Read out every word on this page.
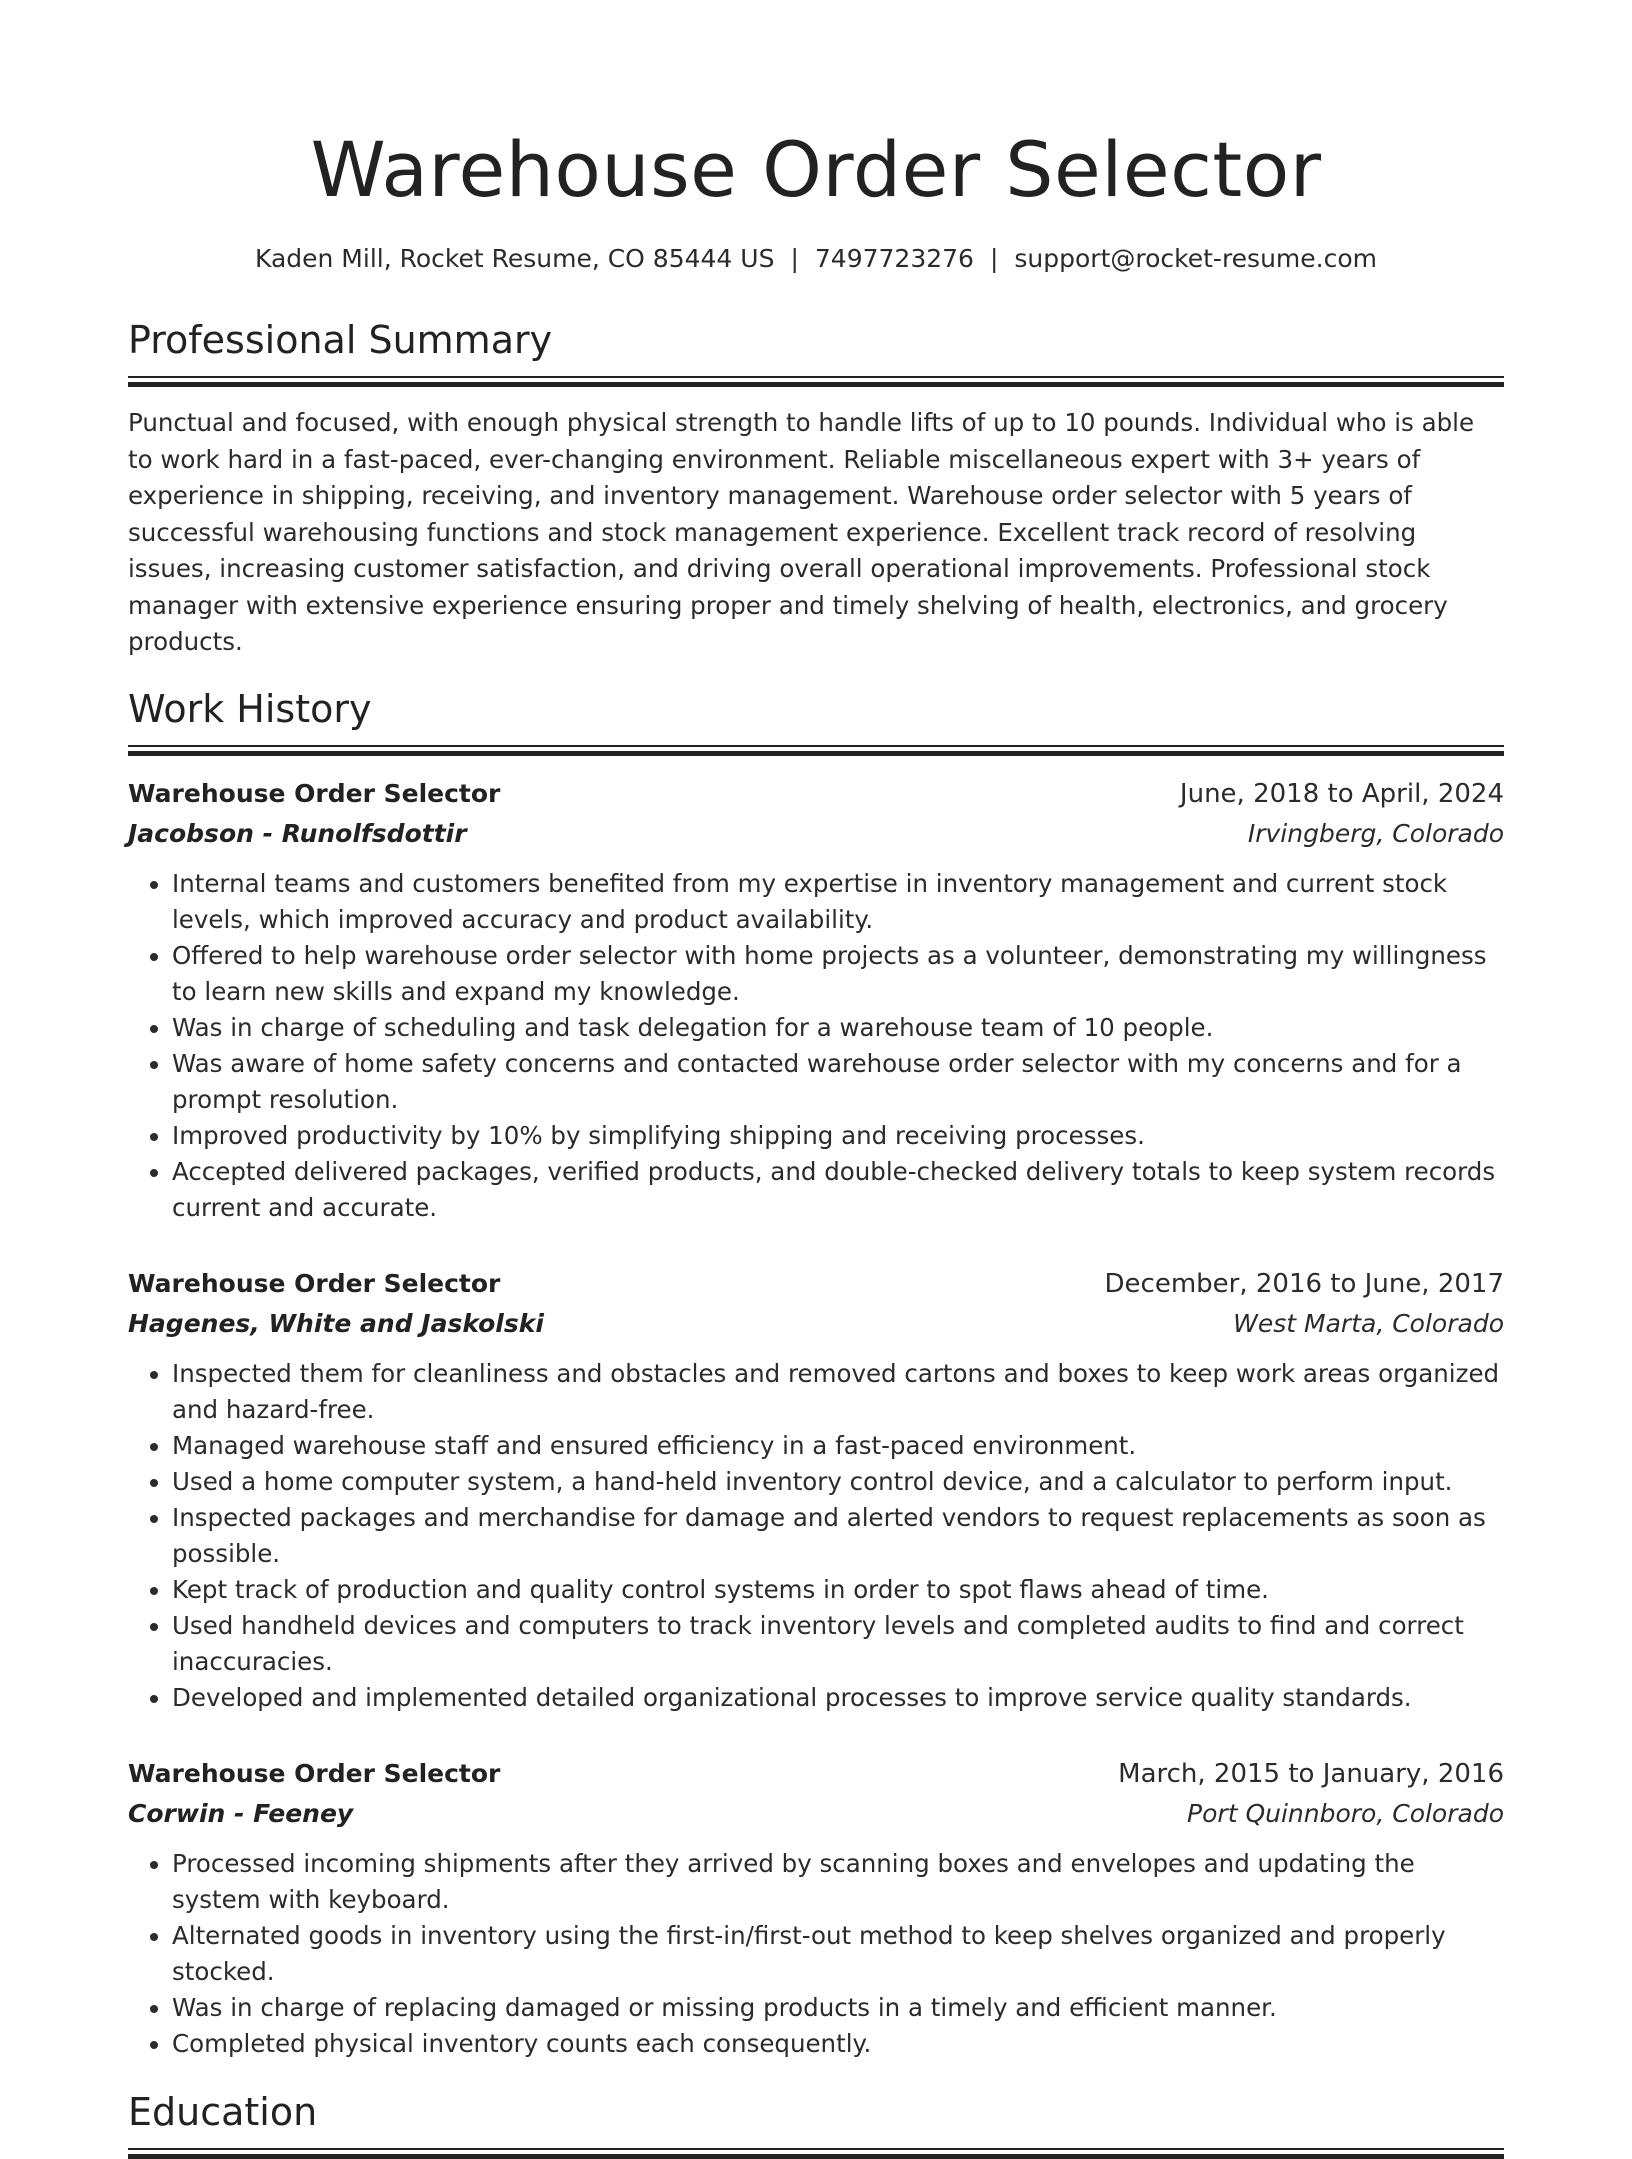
Warehouse Order Selector
Kaden Mill, Rocket Resume, CO 85444 US | 7497723276 | support@rocket-resume.com
Professional Summary

Punctual and focused, with enough physical strength to handle lifts of up to 10 pounds. Individual who is able to work hard in a fast-paced, ever-changing environment. Reliable miscellaneous expert with 3+ years of experience in shipping, receiving, and inventory management. Warehouse order selector with 5 years of successful warehousing functions and stock management experience. Excellent track record of resolving issues, increasing customer satisfaction, and driving overall operational improvements. Professional stock manager with extensive experience ensuring proper and timely shelving of health, electronics, and grocery products.

Work History
Warehouse Order Selector	June, 2018 to April, 2024
Jacobson - Runolfsdottir	Irvingberg, Colorado
• Internal teams and customers benefited from my expertise in inventory management and current stock levels, which improved accuracy and product availability.
• Offered to help warehouse order selector with home projects as a volunteer, demonstrating my willingness to learn new skills and expand my knowledge.
• Was in charge of scheduling and task delegation for a warehouse team of 10 people.
• Was aware of home safety concerns and contacted warehouse order selector with my concerns and for a prompt resolution.
• Improved productivity by 10% by simplifying shipping and receiving processes.
• Accepted delivered packages, verified products, and double-checked delivery totals to keep system records current and accurate.
Warehouse Order Selector	December, 2016 to June, 2017
Hagenes, White and Jaskolski	West Marta, Colorado
• Inspected them for cleanliness and obstacles and removed cartons and boxes to keep work areas organized and hazard-free.
• Managed warehouse staff and ensured efficiency in a fast-paced environment.
• Used a home computer system, a hand-held inventory control device, and a calculator to perform input.
• Inspected packages and merchandise for damage and alerted vendors to request replacements as soon as possible.
• Kept track of production and quality control systems in order to spot flaws ahead of time.
• Used handheld devices and computers to track inventory levels and completed audits to find and correct inaccuracies.
• Developed and implemented detailed organizational processes to improve service quality standards.
Warehouse Order Selector	March, 2015 to January, 2016
Corwin - Feeney	Port Quinnboro, Colorado
• Processed incoming shipments after they arrived by scanning boxes and envelopes and updating the system with keyboard.
• Alternated goods in inventory using the first-in/first-out method to keep shelves organized and properly stocked.
• Was in charge of replacing damaged or missing products in a timely and efficient manner.
• Completed physical inventory counts each consequently.
Education
